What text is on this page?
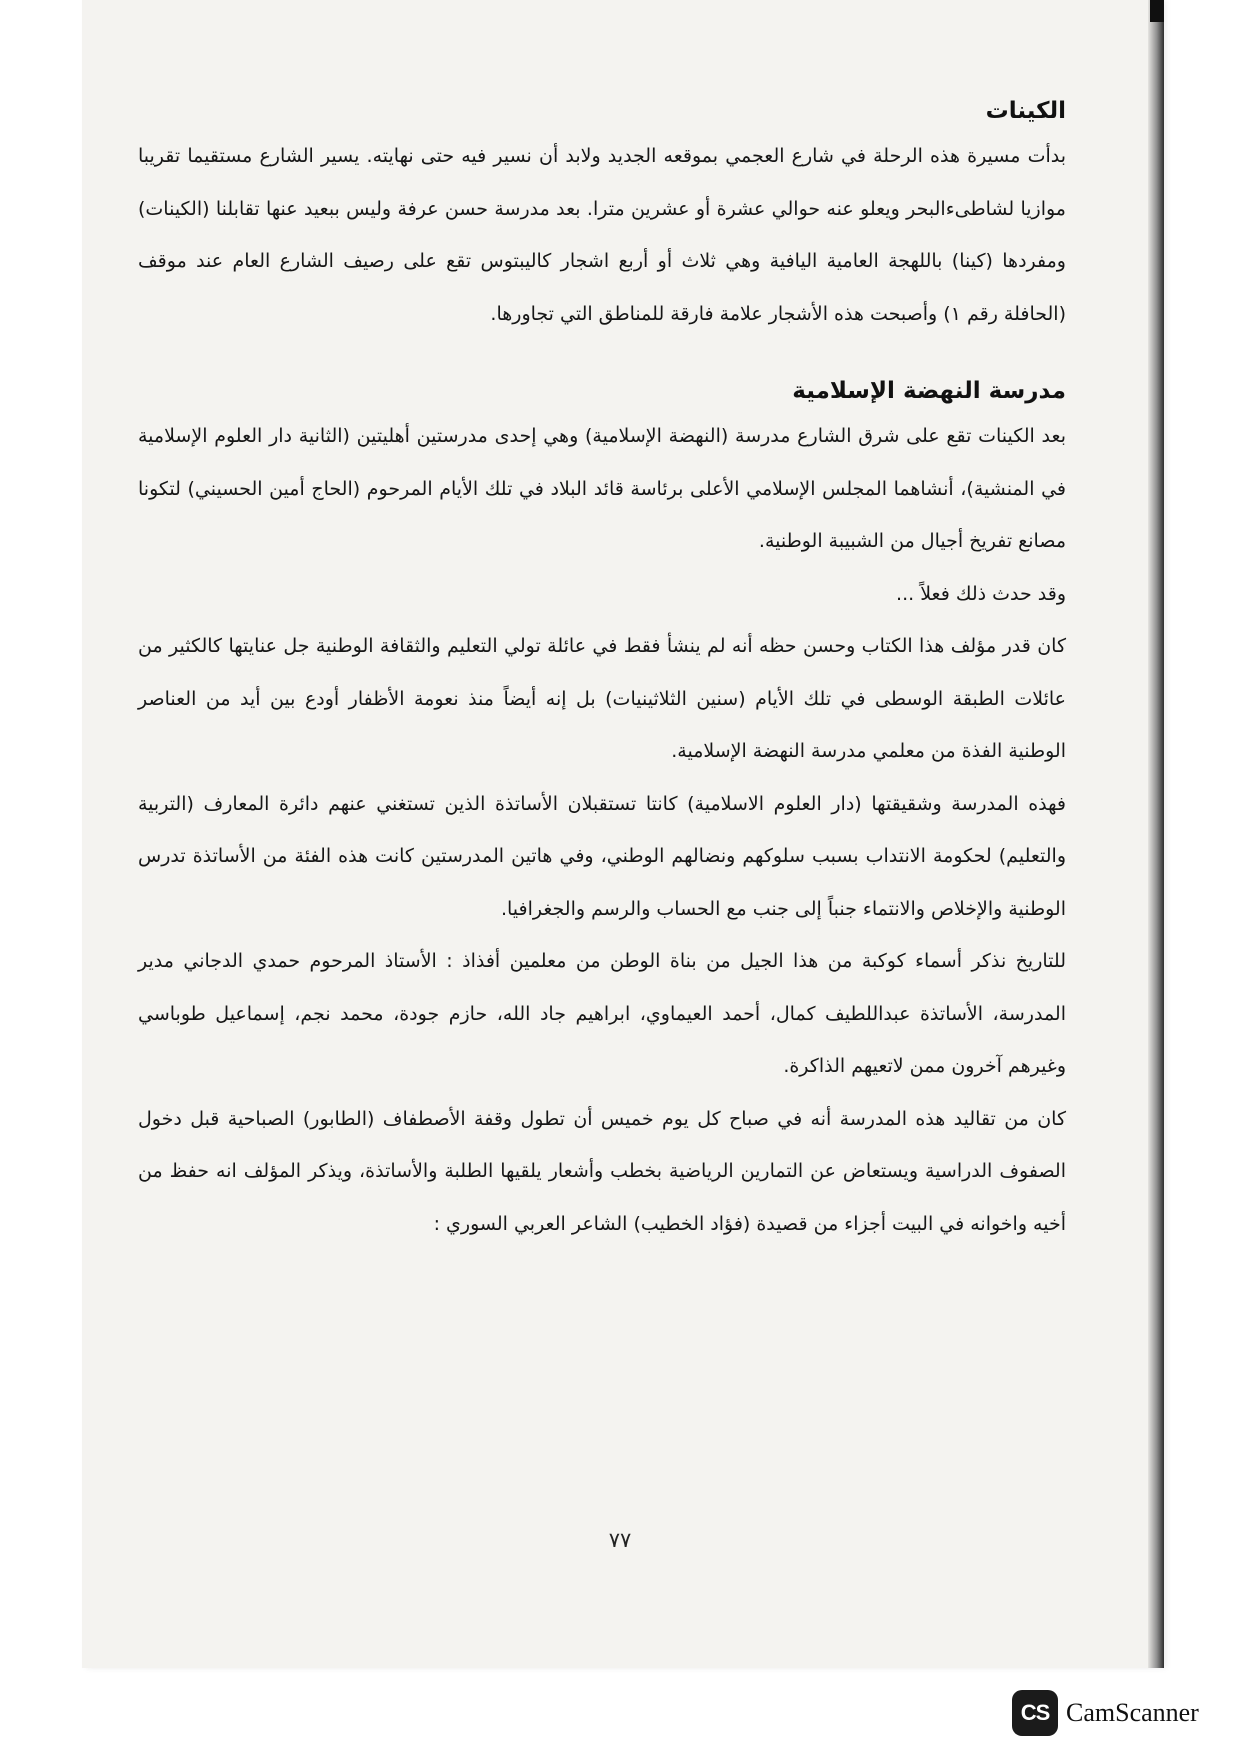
الكينات

بدأت مسيرة هذه الرحلة في شارع العجمي بموقعه الجديد ولابد أن نسير فيه حتى نهايته. يسير الشارع مستقيما تقريبا موازيا لشاطىءالبحر ويعلو عنه حوالي عشرة أو عشرين مترا. بعد مدرسة حسن عرفة وليس ببعيد عنها تقابلنا (الكينات) ومفردها (كينا) باللهجة العامية اليافية وهي ثلاث أو أربع اشجار كاليبتوس تقع على رصيف الشارع العام عند موقف (الحافلة رقم ١) وأصبحت هذه الأشجار علامة فارقة للمناطق التي تجاورها.

مدرسة النهضة الإسلامية

بعد الكينات تقع على شرق الشارع مدرسة (النهضة الإسلامية) وهي إحدى مدرستين أهليتين (الثانية دار العلوم الإسلامية في المنشية)، أنشاهما المجلس الإسلامي الأعلى برئاسة قائد البلاد في تلك الأيام المرحوم (الحاج أمين الحسيني) لتكونا مصانع تفريخ أجيال من الشبيبة الوطنية.

وقد حدث ذلك فعلاً ...

كان قدر مؤلف هذا الكتاب وحسن حظه أنه لم ينشأ فقط في عائلة تولي التعليم والثقافة الوطنية جل عنايتها كالكثير من عائلات الطبقة الوسطى في تلك الأيام (سنين الثلاثينيات) بل إنه أيضاً منذ نعومة الأظفار أودع بين أيد من العناصر الوطنية الفذة من معلمي مدرسة النهضة الإسلامية.

فهذه المدرسة وشقيقتها (دار العلوم الاسلامية) كانتا تستقبلان الأساتذة الذين تستغني عنهم دائرة المعارف (التربية والتعليم) لحكومة الانتداب بسبب سلوكهم ونضالهم الوطني، وفي هاتين المدرستين كانت هذه الفئة من الأساتذة تدرس الوطنية والإخلاص والانتماء جنباً إلى جنب مع الحساب والرسم والجغرافيا.

للتاريخ نذكر أسماء كوكبة من هذا الجيل من بناة الوطن من معلمين أفذاذ : الأستاذ المرحوم حمدي الدجاني مدير المدرسة، الأساتذة عبداللطيف كمال، أحمد العيماوي، ابراهيم جاد الله، حازم جودة، محمد نجم، إسماعيل طوباسي وغيرهم آخرون ممن لاتعيهم الذاكرة.

كان من تقاليد هذه المدرسة أنه في صباح كل يوم خميس أن تطول وقفة الأصطفاف (الطابور) الصباحية قبل دخول الصفوف الدراسية ويستعاض عن التمارين الرياضية بخطب وأشعار يلقيها الطلبة والأساتذة، ويذكر المؤلف انه حفظ من أخيه واخوانه في البيت أجزاء من قصيدة (فؤاد الخطيب) الشاعر العربي السوري :

٧٧
CS CamScanner
